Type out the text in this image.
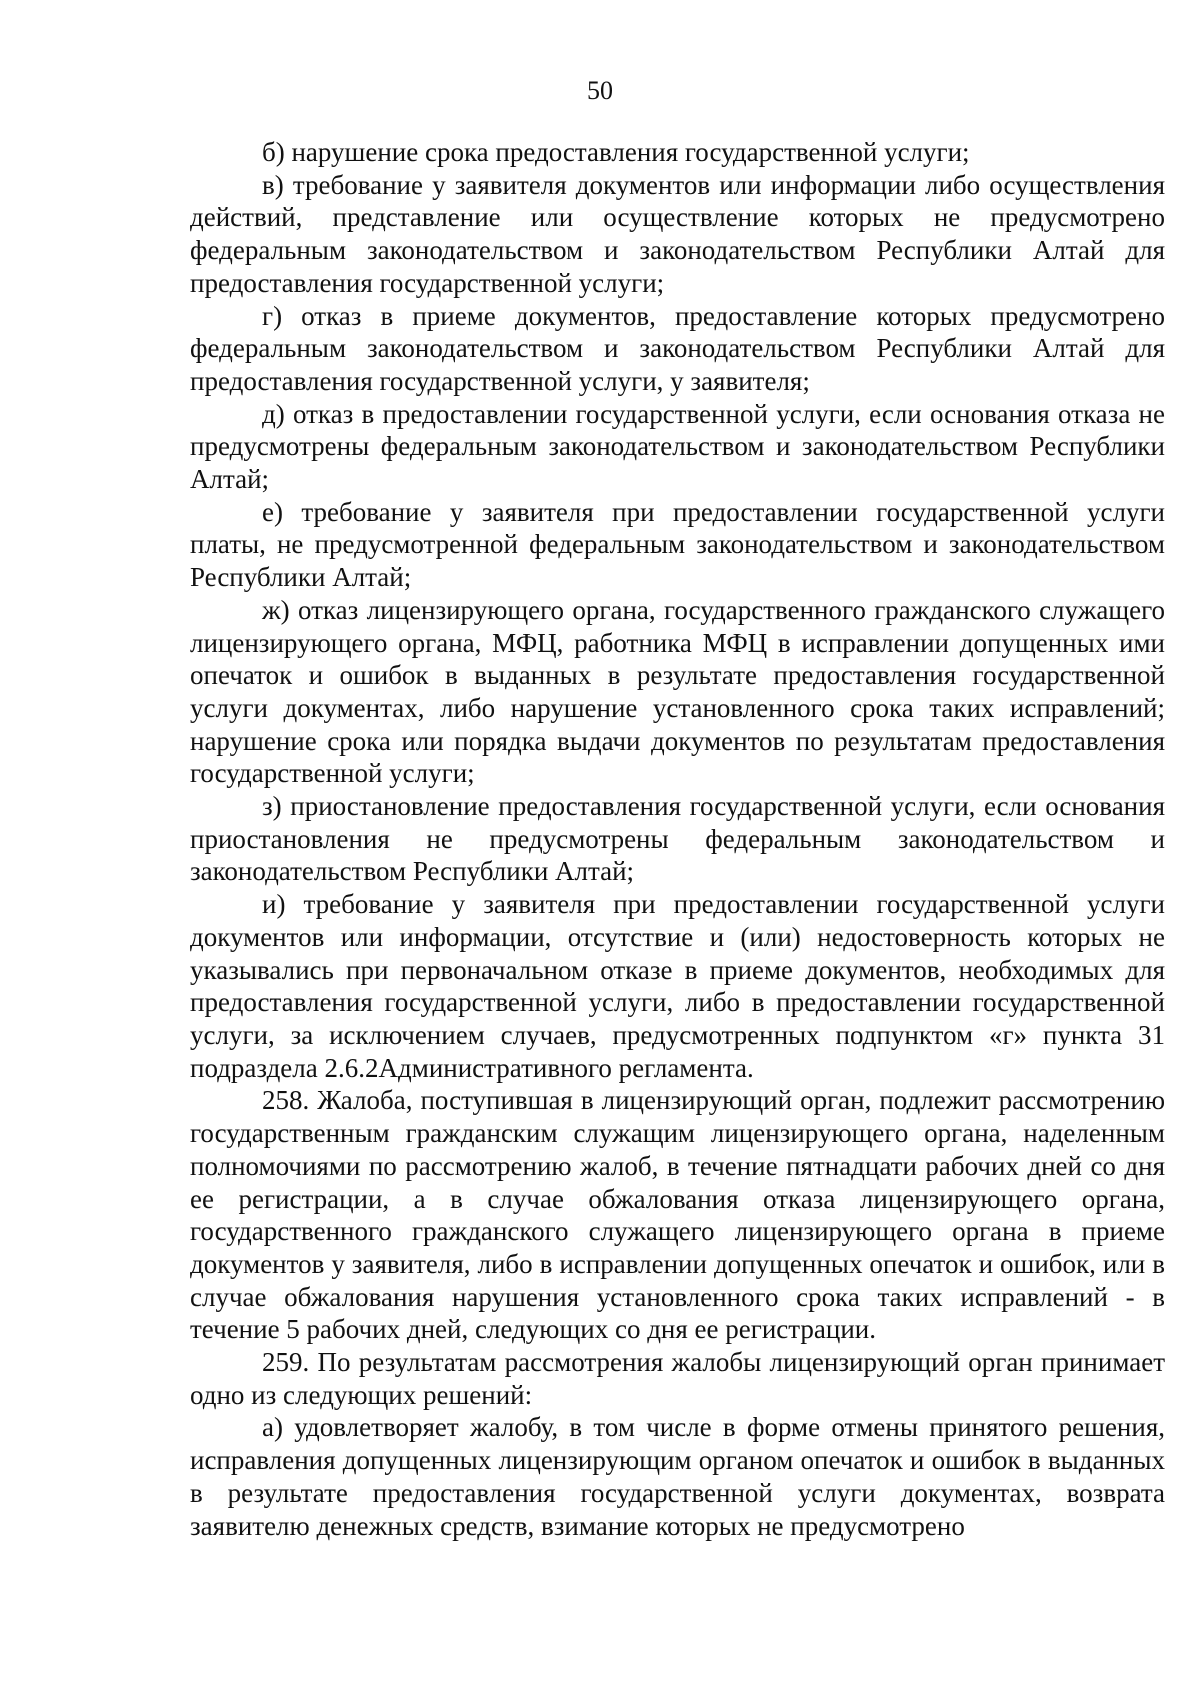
50

б) нарушение срока предоставления государственной услуги;

в) требование у заявителя документов или информации либо осуществления действий, представление или осуществление которых не предусмотрено федеральным законодательством и законодательством Республики Алтай для предоставления государственной услуги;

г) отказ в приеме документов, предоставление которых предусмотрено федеральным законодательством и законодательством Республики Алтай для предоставления государственной услуги, у заявителя;

д) отказ в предоставлении государственной услуги, если основания отказа не предусмотрены федеральным законодательством и законодательством Республики Алтай;

е) требование у заявителя при предоставлении государственной услуги платы, не предусмотренной федеральным законодательством и законодательством Республики Алтай;

ж) отказ лицензирующего органа, государственного гражданского служащего лицензирующего органа, МФЦ, работника МФЦ в исправлении допущенных ими опечаток и ошибок в выданных в результате предоставления государственной услуги документах, либо нарушение установленного срока таких исправлений; нарушение срока или порядка выдачи документов по результатам предоставления государственной услуги;

з) приостановление предоставления государственной услуги, если основания приостановления не предусмотрены федеральным законодательством и законодательством Республики Алтай;

и) требование у заявителя при предоставлении государственной услуги документов или информации, отсутствие и (или) недостоверность которых не указывались при первоначальном отказе в приеме документов, необходимых для предоставления государственной услуги, либо в предоставлении государственной услуги, за исключением случаев, предусмотренных подпунктом «г» пункта 31 подраздела 2.6.2Административного регламента.

258. Жалоба, поступившая в лицензирующий орган, подлежит рассмотрению государственным гражданским служащим лицензирующего органа, наделенным полномочиями по рассмотрению жалоб, в течение пятнадцати рабочих дней со дня ее регистрации, а в случае обжалования отказа лицензирующего органа, государственного гражданского служащего лицензирующего органа в приеме документов у заявителя, либо в исправлении допущенных опечаток и ошибок, или в случае обжалования нарушения установленного срока таких исправлений - в течение 5 рабочих дней, следующих со дня ее регистрации.

259. По результатам рассмотрения жалобы лицензирующий орган принимает одно из следующих решений:

а) удовлетворяет жалобу, в том числе в форме отмены принятого решения, исправления допущенных лицензирующим органом опечаток и ошибок в выданных в результате предоставления государственной услуги документах, возврата заявителю денежных средств, взимание которых не предусмотрено
